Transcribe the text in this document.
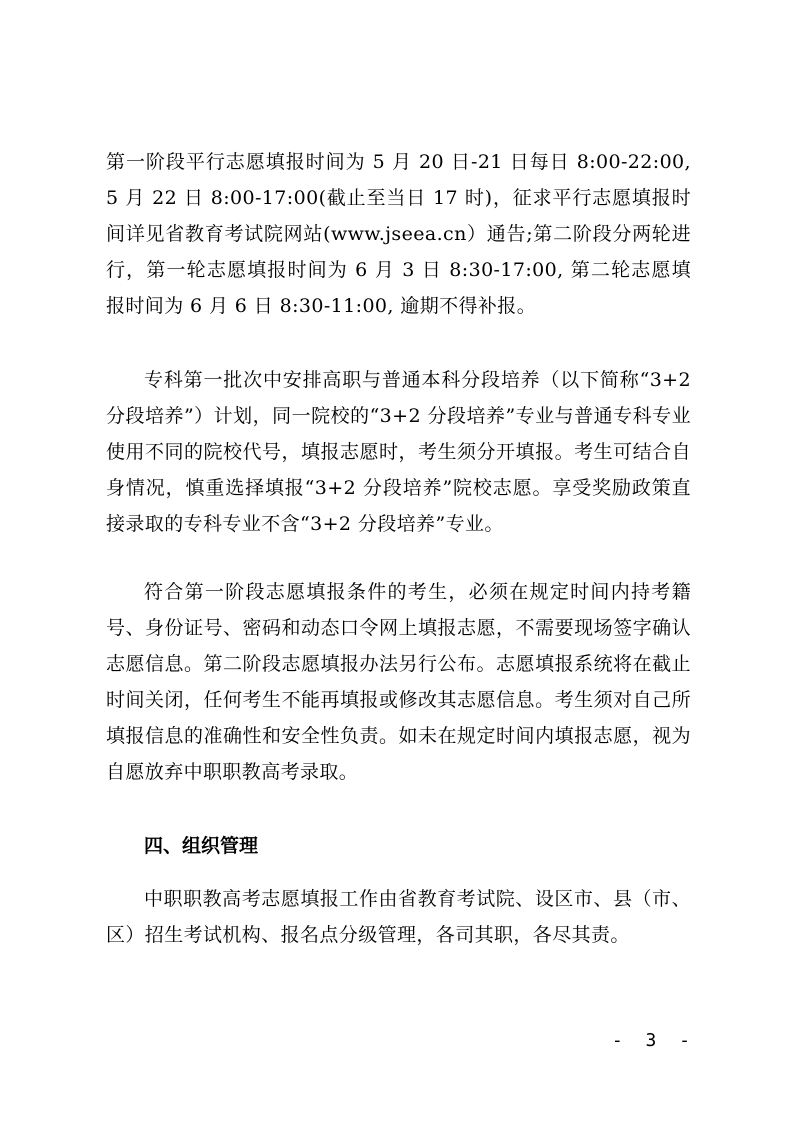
第一阶段平行志愿填报时间为 5 月 20 日-21 日每日 8:00-22:00, 5 月 22 日 8:00-17:00(截止至当日 17 时)，征求平行志愿填报时间详见省教育考试院网站(www.jseea.cn）通告;第二阶段分两轮进行，第一轮志愿填报时间为 6 月 3 日 8:30-17:00, 第二轮志愿填报时间为 6 月 6 日 8:30-11:00, 逾期不得补报。

专科第一批次中安排高职与普通本科分段培养（以下简称“3+2 分段培养”）计划，同一院校的“3+2 分段培养”专业与普通专科专业使用不同的院校代号，填报志愿时，考生须分开填报。考生可结合自身情况，慎重选择填报“3+2 分段培养”院校志愿。享受奖励政策直接录取的专科专业不含“3+2 分段培养”专业。

符合第一阶段志愿填报条件的考生，必须在规定时间内持考籍号、身份证号、密码和动态口令网上填报志愿，不需要现场签字确认志愿信息。第二阶段志愿填报办法另行公布。志愿填报系统将在截止时间关闭，任何考生不能再填报或修改其志愿信息。考生须对自己所填报信息的准确性和安全性负责。如未在规定时间内填报志愿，视为自愿放弃中职职教高考录取。

四、组织管理

中职职教高考志愿填报工作由省教育考试院、设区市、县（市、区）招生考试机构、报名点分级管理，各司其职，各尽其责。

- 3 -
